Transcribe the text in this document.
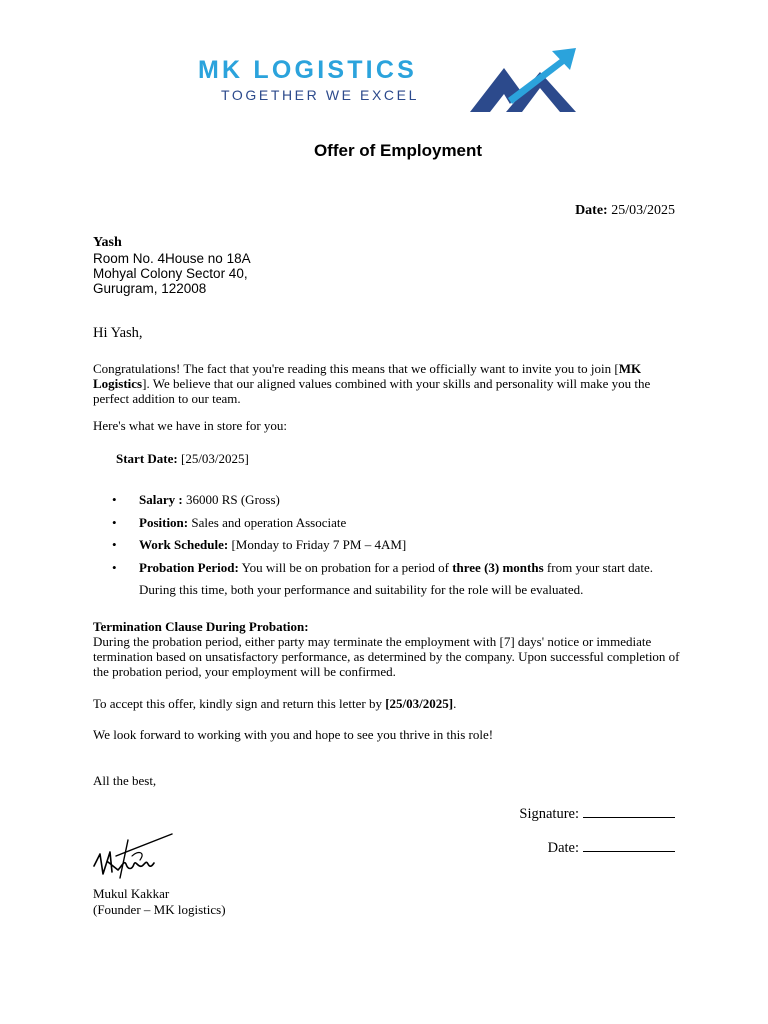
MK LOGISTICS
TOGETHER WE EXCEL
Offer of Employment
Date: 25/03/2025
Yash
Room No. 4House no 18A
Mohyal Colony Sector 40,
Gurugram, 122008
Hi Yash,
Congratulations! The fact that you're reading this means that we officially want to invite you to join [MK Logistics]. We believe that our aligned values combined with your skills and personality will make you the perfect addition to our team.
Here's what we have in store for you:
Start Date: [25/03/2025]
• Salary : 36000 RS (Gross)
• Position: Sales and operation Associate
• Work Schedule: [Monday to Friday 7 PM – 4AM]
• Probation Period: You will be on probation for a period of three (3) months from your start date. During this time, both your performance and suitability for the role will be evaluated.
Termination Clause During Probation:
During the probation period, either party may terminate the employment with [7] days' notice or immediate termination based on unsatisfactory performance, as determined by the company. Upon successful completion of the probation period, your employment will be confirmed.
To accept this offer, kindly sign and return this letter by [25/03/2025].
We look forward to working with you and hope to see you thrive in this role!
All the best,
Signature:
Date:
Mukul Kakkar
(Founder – MK logistics)
